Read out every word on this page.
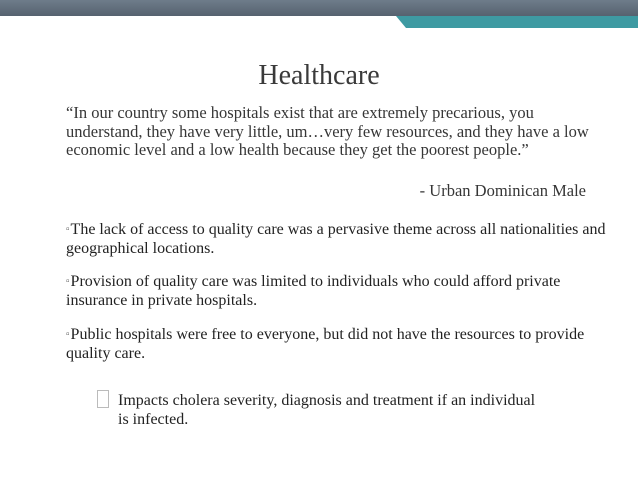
Healthcare
“In our country some hospitals exist that are extremely precarious, you understand, they have very little, um…very few resources, and they have a low economic level and a low health because they get the poorest people.”
- Urban Dominican Male
▫The lack of access to quality care was a pervasive theme across all nationalities and geographical locations.
▫Provision of quality care was limited to individuals who could afford private insurance in private hospitals.
▫Public hospitals were free to everyone, but did not have the resources to provide quality care.
Impacts cholera severity, diagnosis and treatment if an individual is infected.
